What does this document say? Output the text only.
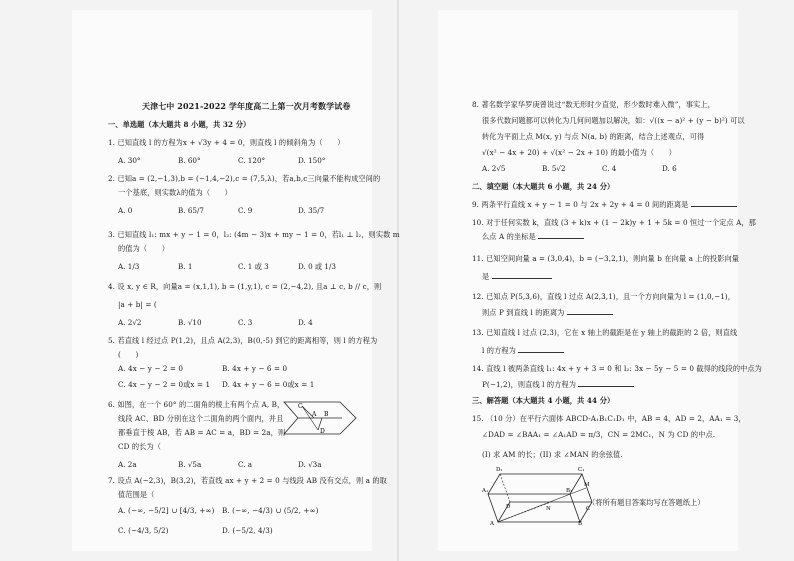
天津七中 2021-2022 学年度高二上第一次月考数学试卷
一、单选题（本大题共 8 小题，共 32 分）
1. 已知直线 l 的方程为x + √3y + 4 = 0，则直线 l 的倾斜角为（　　）
A. 30°	B. 60°	C. 120°	D. 150°
2. 已知a = (2,−1,3),b = (−1,4,−2),c = (7,5,λ)，若a,b,c三向量不能构成空间的
一个基底，则实数λ的值为（　　）
A. 0	B. 65/7	C. 9	D. 35/7
3. 已知直线 l₁: mx + y − 1 = 0，l₂: (4m − 3)x + my − 1 = 0，若l₁ ⊥ l₂，则实数 m
的值为（　　）
A. 1/3	B. 1	C. 1 或 3	D. 0 或 1/3
4. 设 x, y ∈ R，向量a = (x,1,1), b = (1,y,1), c = (2,−4,2), 且a ⊥ c, b // c，则
|a + b| = (
A. 2√2	B. √10	C. 3	D. 4
5. 若直线 l 经过点 P(1,2)，且点 A(2,3)，B(0,-5) 到它的距离相等，则 l 的方程为
(　　)
A. 4x − y − 2 = 0	B. 4x + y − 6 = 0
C. 4x − y − 2 = 0或x = 1 D. 4x + y − 6 = 0或x = 1
6. 如图，在一个 60° 的二面角的棱上有两个点 A, B，
线段 AC、BD 分别在这个二面角的两个面内，并且
都垂直于棱 AB，若 AB = AC = a，BD = 2a，则
CD 的长为（
C
A B
D
A. 2a	B. √5a	C. a	D. √3a
7. 设点 A(−2,3)，B(3,2)，若直线 ax + y + 2 = 0 与线段 AB 没有交点，则 a 的取
值范围是（
A. (−∞, −5/2] ∪ [4/3, +∞) B. (−∞, −4/3) ∪ (5/2, +∞)
C. (−4/3, 5/2)	D. (−5/2, 4/3)
8. 著名数学家华罗庚曾说过“数无形时少直觉，形少数时难入微”，事实上，
很多代数问题都可以转化为几何问题加以解决，如：√((x − a)² + (y − b)²) 可以
转化为平面上点 M(x, y) 与点 N(a, b) 的距离，结合上述观点，可得
√(x² − 4x + 20) + √(x² − 2x + 10) 的最小值为（　　）
A. 2√5	B. 5√2	C. 4	D. 6
二、填空题（本大题共 6 小题，共 24 分）
9. 两条平行直线 x + y − 1 = 0 与 2x + 2y + 4 = 0 间的距离是
10. 对于任何实数 k，直线 (3 + k)x + (1 − 2k)y + 1 + 5k = 0 恒过一个定点 A，那
么点 A 的坐标是
11. 已知空间向量 a = (3,0,4)，b = (−3,2,1)，则向量 b 在向量 a 上的投影向量
是
12. 已知点 P(5,3,6)，直线 l 过点 A(2,3,1)，且一个方向向量为 l = (1,0,−1)，
则点 P 到直线 l 的距离为
13. 已知直线 l 过点 (2,3)，它在 x 轴上的截距是在 y 轴上的截距的 2 倍，则直线
l 的方程为
14. 直线 l 被两条直线 l₁: 4x + y + 3 = 0 和 l₂: 3x − 5y − 5 = 0 截得的线段的中点为
P(−1,2)，则直线 l 的方程为
三、解答题（本大题共 4 小题，共 44 分）
15. （10 分）在平行六面体 ABCD-A₁B₁C₁D₁ 中，AB = 4，AD = 2，AA₁ = 3，
∠DAD = ∠BAA₁ = ∠A₁AD = π/3，CN = 2MC₁，N 为 CD 的中点.
(I) 求 AM 的长；(II) 求 ∠MAN 的余弦值.
D₁	C₁
A₁	B₁
M
D	C
N
A	B
（将所有题目答案均写在答题纸上）
